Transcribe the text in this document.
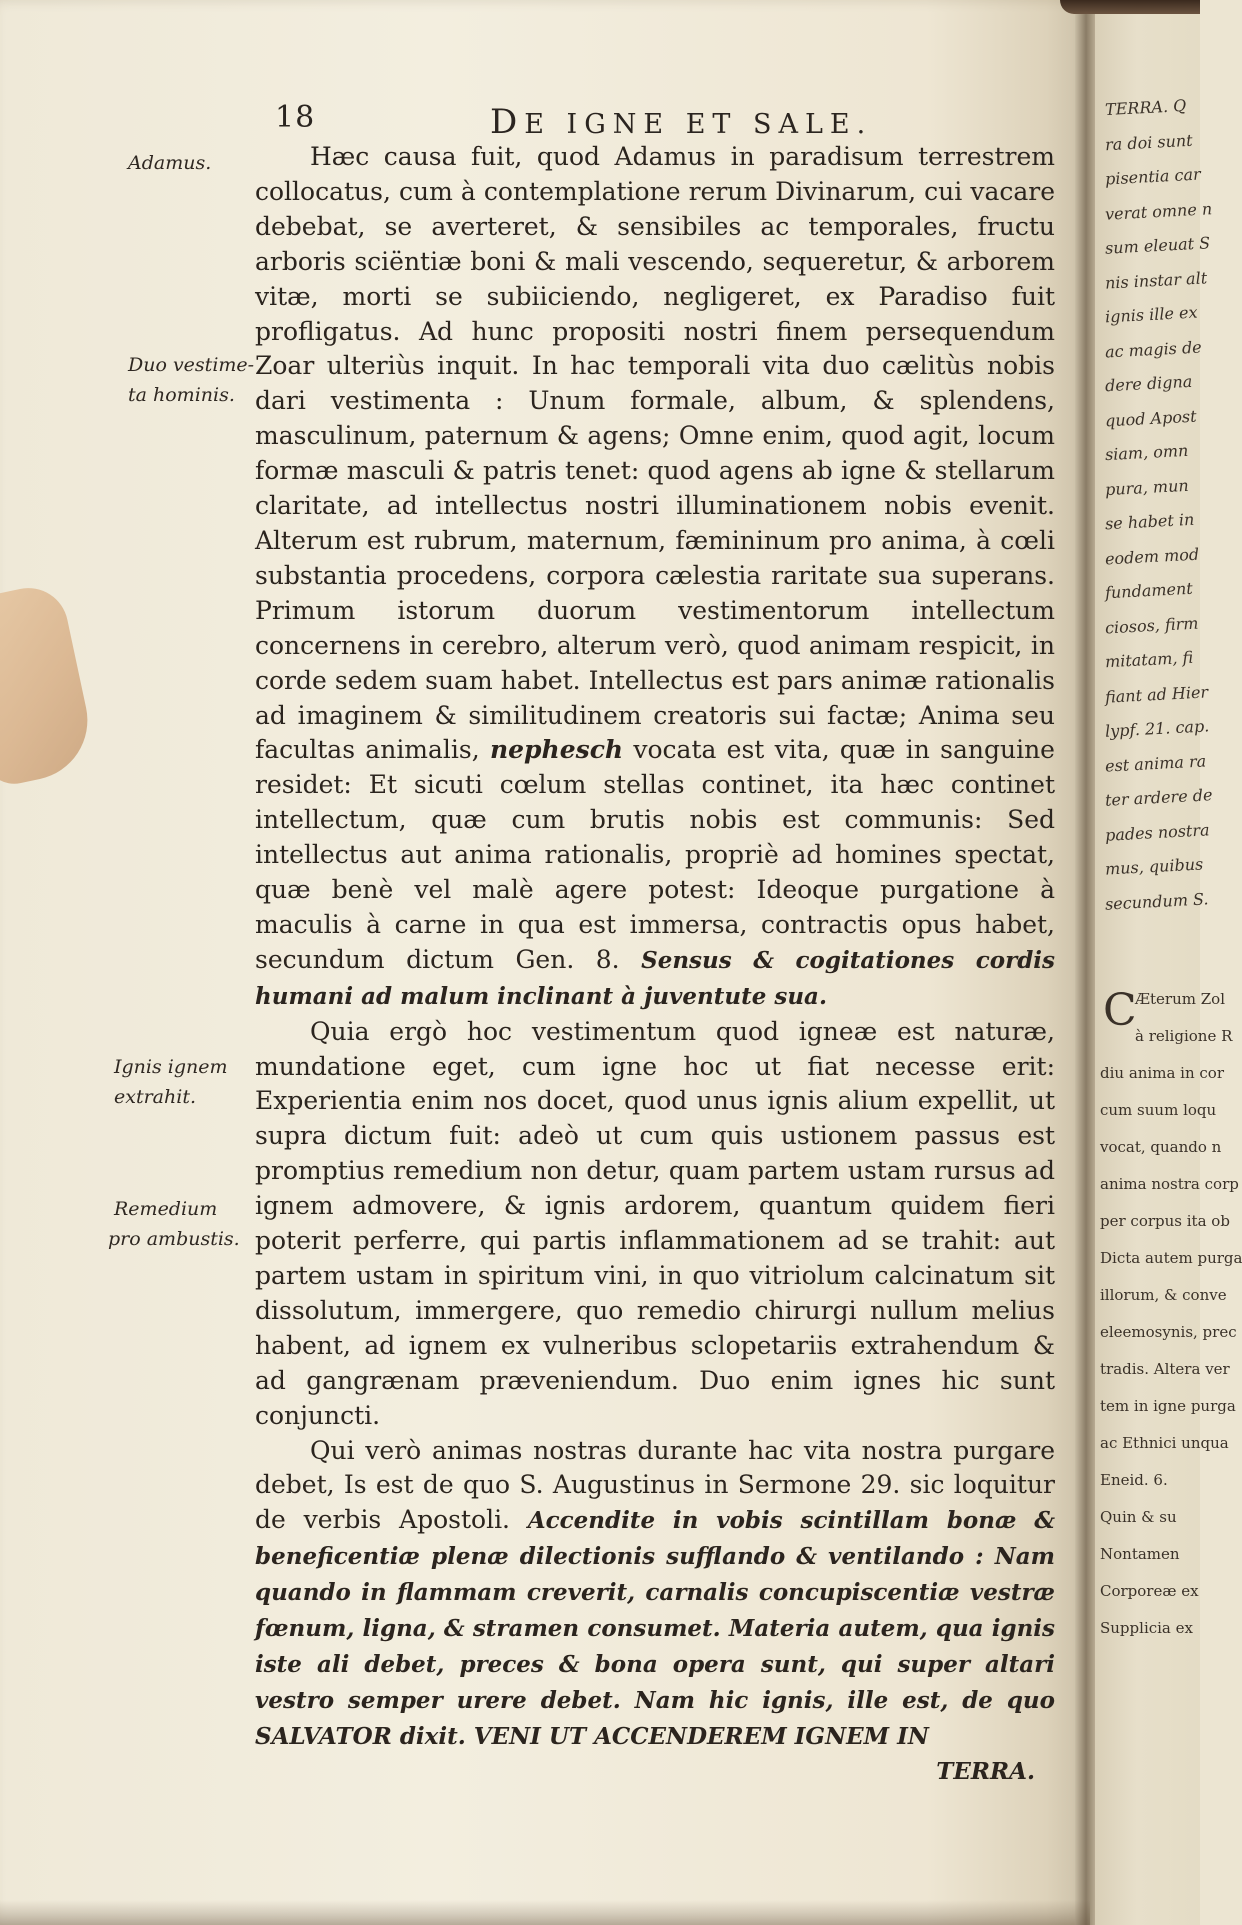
TERRA. Q
ra doi sunt
pisentia car
verat omne n
sum eleuat S
nis instar alt
ignis ille ex
ac magis de
dere digna
quod Apost
siam, omn
pura, mun
se habet in
eodem mod
fundament
ciosos, firm
mitatam, fi
fiant ad Hier
lypf. 21. cap.
est anima ra
ter ardere de
pades nostra
mus, quibus
secundum S.
C
Æterum Zol
à religione R
diu anima in cor
cum suum loqu
vocat, quando n
anima nostra corp
per corpus ita ob
Dicta autem purga
illorum, & conve
eleemosynis, prec
tradis. Altera ver
tem in igne purga
ac Ethnici unqua
Eneid. 6.
Quin & su
Nontamen
Corporeæ ex
Supplicia ex
18	DE IGNE ET SALE.
Adamus.
Duo vestime-
ta hominis.
Ignis ignem
extrahit.
Remedium
pro ambustis.

Hæc causa fuit, quod Adamus in paradisum terrestrem collocatus, cum à contemplatione rerum Divinarum, cui vacare debebat, se averteret, & sensibiles ac temporales, fructu arboris sciëntiæ boni & mali vescendo, sequeretur, & arborem vitæ, morti se subiiciendo, negligeret, ex Paradiso fuit profligatus. Ad hunc propositi nostri finem persequendum Zoar ulteriùs inquit. In hac temporali vita duo cælitùs nobis dari vestimenta : Unum formale, album, & splendens, masculinum, paternum & agens; Omne enim, quod agit, locum formæ masculi & patris tenet: quod agens ab igne & stellarum claritate, ad intellectus nostri illuminationem nobis evenit. Alterum est rubrum, maternum, fæmininum pro anima, à cœli substantia procedens, corpora cælestia raritate sua superans. Primum istorum duorum vestimentorum intellectum concernens in cerebro, alterum verò, quod animam respicit, in corde sedem suam habet. Intellectus est pars animæ rationalis ad imaginem & similitudinem creatoris sui factæ; Anima seu facultas animalis, nephesch vocata est vita, quæ in sanguine residet: Et sicuti cœlum stellas continet, ita hæc continet intellectum, quæ cum brutis nobis est communis: Sed intellectus aut anima rationalis, propriè ad homines spectat, quæ benè vel malè agere potest: Ideoque purgatione à maculis à carne in qua est immersa, contractis opus habet, secundum dictum Gen. 8. Sensus & cogitationes cordis humani ad malum inclinant à juventute sua.

Quia ergò hoc vestimentum quod igneæ est naturæ, mundatione eget, cum igne hoc ut fiat necesse erit: Experientia enim nos docet, quod unus ignis alium expellit, ut supra dictum fuit: adeò ut cum quis ustionem passus est promptius remedium non detur, quam partem ustam rursus ad ignem admovere, & ignis ardorem, quantum quidem fieri poterit perferre, qui partis inflammationem ad se trahit: aut partem ustam in spiritum vini, in quo vitriolum calcinatum sit dissolutum, immergere, quo remedio chirurgi nullum melius habent, ad ignem ex vulneribus sclopetariis extrahendum & ad gangrænam præveniendum. Duo enim ignes hic sunt conjuncti.

Qui verò animas nostras durante hac vita nostra purgare debet, Is est de quo S. Augustinus in Sermone 29. sic loquitur de verbis Apostoli. Accendite in vobis scintillam bonæ & beneficentiæ plenæ dilectionis sufflando & ventilando : Nam quando in flammam creverit, carnalis concupiscentiæ vestræ fœnum, ligna, & stramen consumet. Materia autem, qua ignis iste ali debet, preces & bona opera sunt, qui super altari vestro semper urere debet. Nam hic ignis, ille est, de quo SALVATOR dixit. VENI UT ACCENDEREM IGNEM IN
TERRA.
